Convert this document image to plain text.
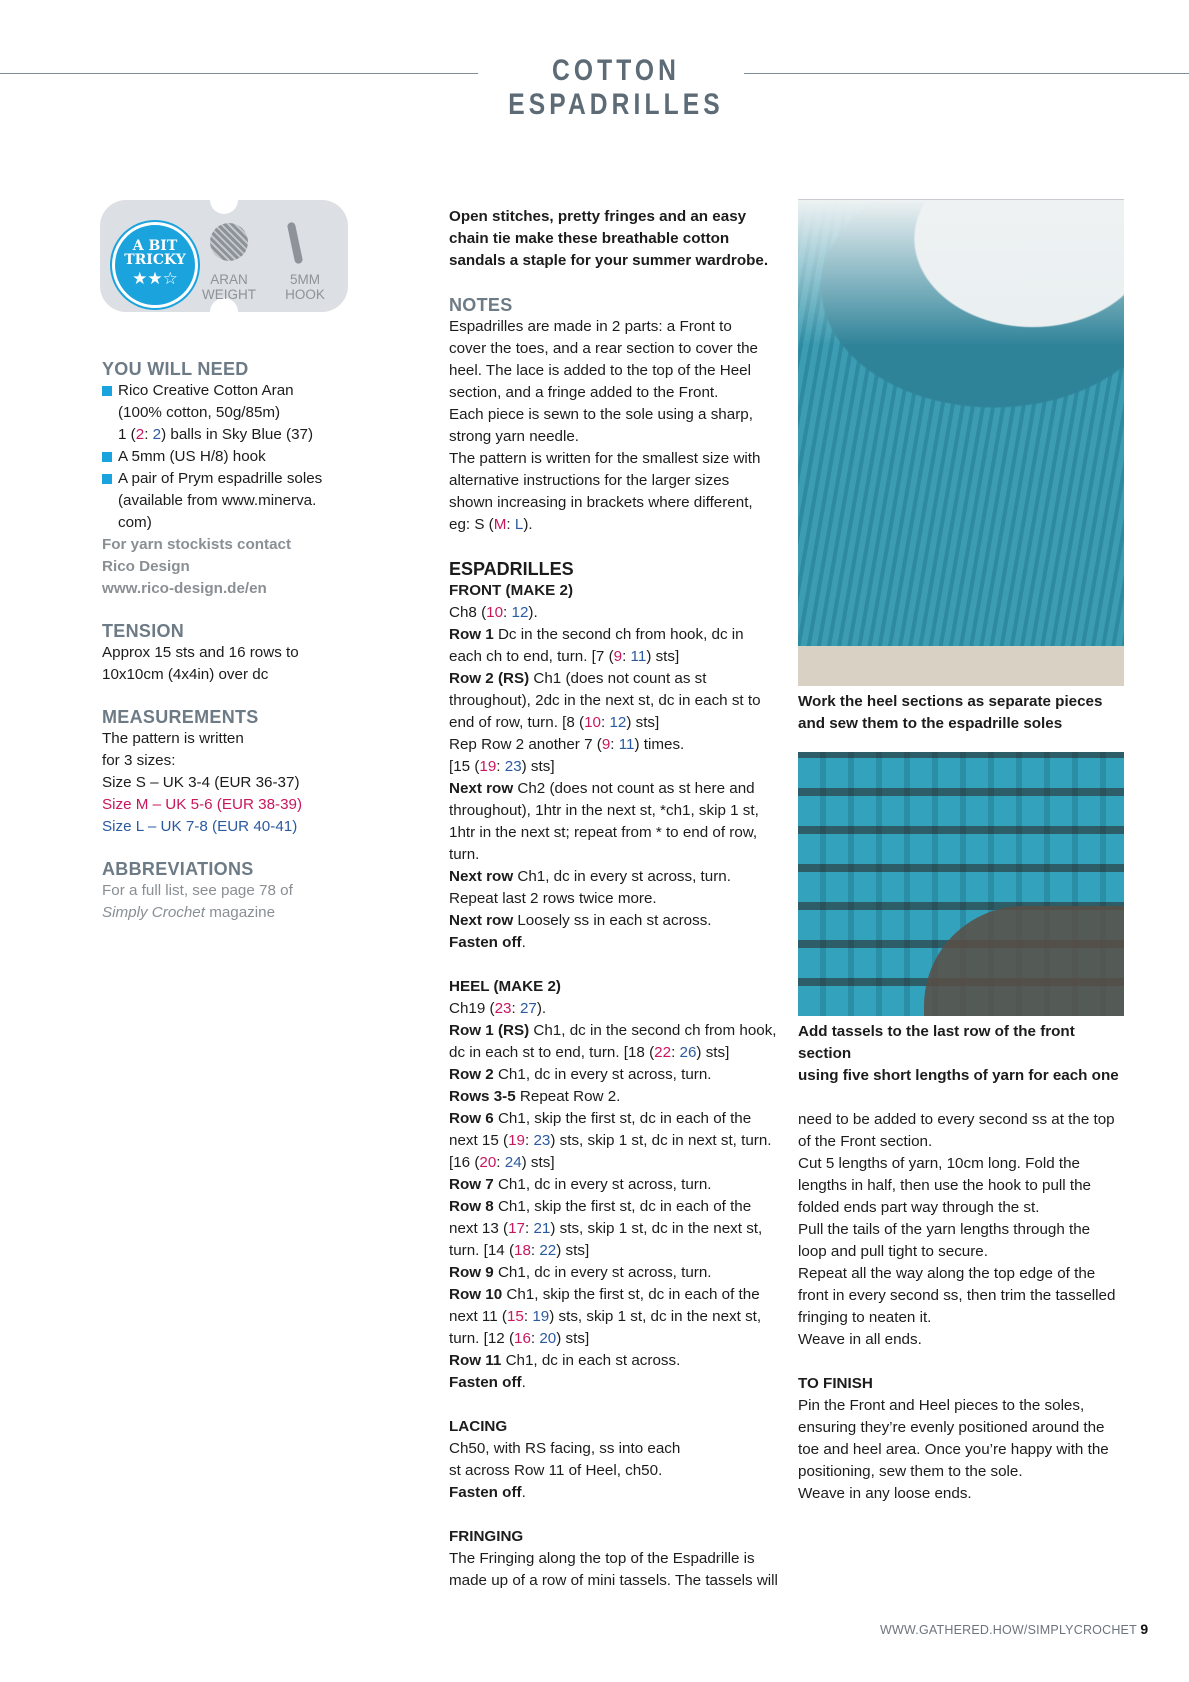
COTTON ESPADRILLES
A BIT
TRICKY
★★☆	ARAN
WEIGHT
5MM
HOOK
YOU WILL NEED
Rico Creative Cotton Aran
(100% cotton, 50g/85m)
1 (2: 2) balls in Sky Blue (37)
A 5mm (US H/8) hook
A pair of Prym espadrille soles
(available from www.minerva.
com)
For yarn stockists contact
Rico Design
www.rico-design.de/en
TENSION
Approx 15 sts and 16 rows to
10x10cm (4x4in) over dc
MEASUREMENTS
The pattern is written
for 3 sizes:
Size S – UK 3-4 (EUR 36-37)
Size M – UK 5-6 (EUR 38-39)
Size L – UK 7-8 (EUR 40-41)
ABBREVIATIONS
For a full list, see page 78 of
Simply Crochet magazine
Open stitches, pretty fringes and an easy
chain tie make these breathable cotton
sandals a staple for your summer wardrobe.
NOTES
Espadrilles are made in 2 parts: a Front to
cover the toes, and a rear section to cover the
heel. The lace is added to the top of the Heel
section, and a fringe added to the Front.
Each piece is sewn to the sole using a sharp,
strong yarn needle.
The pattern is written for the smallest size with
alternative instructions for the larger sizes
shown increasing in brackets where different,
eg: S (M: L).
ESPADRILLES
FRONT (MAKE 2)
Ch8 (10: 12).
Row 1 Dc in the second ch from hook, dc in
each ch to end, turn. [7 (9: 11) sts]
Row 2 (RS) Ch1 (does not count as st
throughout), 2dc in the next st, dc in each st to
end of row, turn. [8 (10: 12) sts]
Rep Row 2 another 7 (9: 11) times.
[15 (19: 23) sts]
Next row Ch2 (does not count as st here and
throughout), 1htr in the next st, *ch1, skip 1 st,
1htr in the next st; repeat from * to end of row,
turn.
Next row Ch1, dc in every st across, turn.
Repeat last 2 rows twice more.
Next row Loosely ss in each st across.
Fasten off.
HEEL (MAKE 2)
Ch19 (23: 27).
Row 1 (RS) Ch1, dc in the second ch from hook,
dc in each st to end, turn. [18 (22: 26) sts]
Row 2 Ch1, dc in every st across, turn.
Rows 3-5 Repeat Row 2.
Row 6 Ch1, skip the first st, dc in each of the
next 15 (19: 23) sts, skip 1 st, dc in next st, turn.
[16 (20: 24) sts]
Row 7 Ch1, dc in every st across, turn.
Row 8 Ch1, skip the first st, dc in each of the
next 13 (17: 21) sts, skip 1 st, dc in the next st,
turn. [14 (18: 22) sts]
Row 9 Ch1, dc in every st across, turn.
Row 10 Ch1, skip the first st, dc in each of the
next 11 (15: 19) sts, skip 1 st, dc in the next st,
turn. [12 (16: 20) sts]
Row 11 Ch1, dc in each st across.
Fasten off.
LACING
Ch50, with RS facing, ss into each
st across Row 11 of Heel, ch50.
Fasten off.
FRINGING
The Fringing along the top of the Espadrille is
made up of a row of mini tassels. The tassels will
Work the heel sections as separate pieces
and sew them to the espadrille soles
Add tassels to the last row of the front section
using five short lengths of yarn for each one
need to be added to every second ss at the top
of the Front section.
Cut 5 lengths of yarn, 10cm long. Fold the
lengths in half, then use the hook to pull the
folded ends part way through the st.
Pull the tails of the yarn lengths through the
loop and pull tight to secure.
Repeat all the way along the top edge of the
front in every second ss, then trim the tasselled
fringing to neaten it.
Weave in all ends.
TO FINISH
Pin the Front and Heel pieces to the soles,
ensuring they’re evenly positioned around the
toe and heel area. Once you’re happy with the
positioning, sew them to the sole.
Weave in any loose ends.
WWW.GATHERED.HOW/SIMPLYCROCHET 9
